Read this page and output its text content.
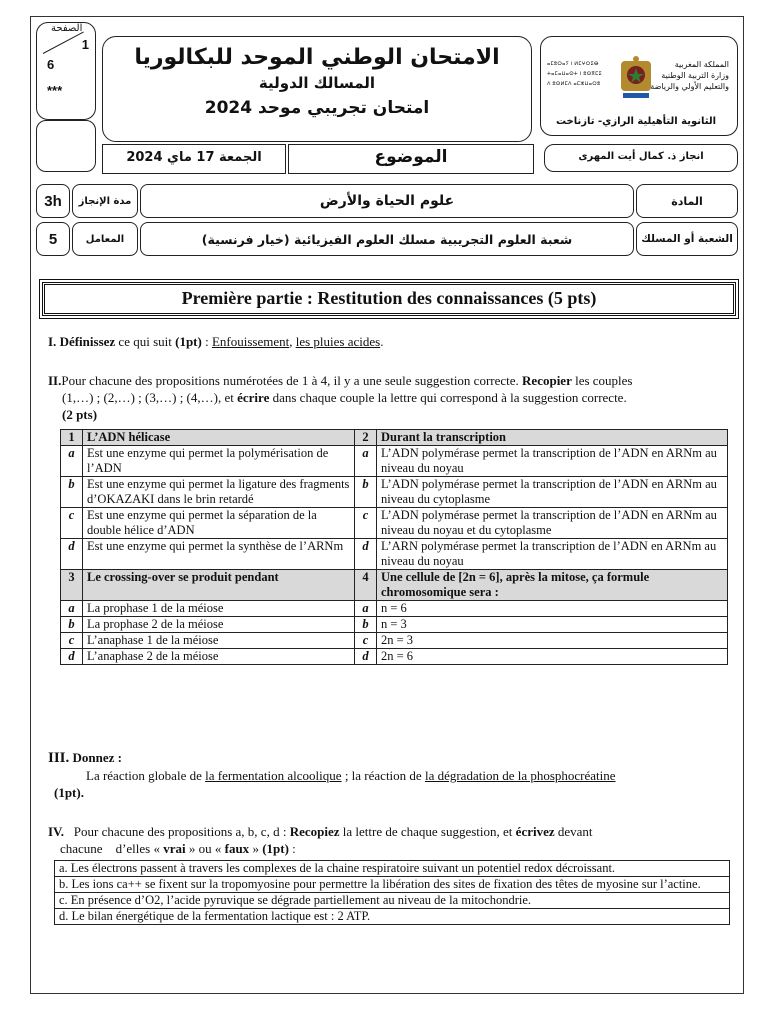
الصفحة
1
6
***
الامتحان الوطني الموحد للبكالوريا
المسالك الدولية
امتحان تجريبي موحد 2024
ⴰⵎⵓⵔⴰⵢ ⵏ ⵍⵎⵖⵔⵉⴱ
ⵜⴰⵎⴰⵡⴰⵙⵜ ⵏ ⵓⵙⴳⵎⵉ
ⴷ ⵓⵙⵍⵎⴷ ⴰⵎⵣⵡⴰⵔⵓ
المملكة المغربية
وزارة التربية الوطنية
والتعليم الأولي والرياضة
الثانوية التأهيلية الرازي- تازناخت
الجمعة 17 ماي 2024	الموضوع	انجاز ذ. كمال أيت المهرى
3h	مدة الإنجاز	علوم الحياة والأرض	المادة
5	المعامل	شعبة العلوم التجريبية مسلك العلوم الفيزيائية (خيار فرنسية)	الشعبة أو المسلك
Première partie : Restitution des connaissances (5 pts)
I. Définissez ce qui suit (1pt) : Enfouissement, les pluies acides.
II.Pour chacune des propositions numérotées de 1 à 4, il y a une seule suggestion correcte. Recopier les couples
(1,…) ; (2,…) ; (3,…) ; (4,…), et écrire dans chaque couple la lettre qui correspond à la suggestion correcte.
(2 pts)
1	L’ADN hélicase	2	Durant la transcription
a	Est une enzyme qui permet la polymérisation de l’ADN	a	L’ADN polymérase permet la transcription de l’ADN en ARNm au niveau du noyau
b	Est une enzyme qui permet la ligature des fragments d’OKAZAKI dans le brin retardé	b	L’ADN polymérase permet la transcription de l’ADN en ARNm au niveau du cytoplasme
c	Est une enzyme qui permet la séparation de la double hélice d’ADN	c	L’ADN polymérase permet la transcription de l’ADN en ARNm au niveau du noyau et du cytoplasme
d	Est une enzyme qui permet la synthèse de l’ARNm	d	L’ARN polymérase permet la transcription de l’ADN en ARNm au niveau du noyau
3	Le crossing-over se produit pendant	4	Une cellule de [2n = 6], après la mitose, ça formule chromosomique sera :
a	La prophase 1 de la méiose	a	n = 6
b	La prophase 2 de la méiose	b	n = 3
c	L’anaphase 1 de la méiose	c	2n = 3
d	L’anaphase 2 de la méiose	d	2n = 6
III. Donnez :
La réaction globale de la fermentation alcoolique ; la réaction de la dégradation de la phosphocréatine
(1pt).
IV. Pour chacune des propositions a, b, c, d : Recopiez la lettre de chaque suggestion, et écrivez devant
chacune    d’elles « vrai » ou « faux » (1pt) :
a. Les électrons passent à travers les complexes de la chaine respiratoire suivant un potentiel redox décroissant.
b. Les ions ca++ se fixent sur la tropomyosine pour permettre la libération des sites de fixation des têtes de myosine sur l’actine.
c. En présence d’O2, l’acide pyruvique se dégrade partiellement au niveau de la mitochondrie.
d. Le bilan énergétique de la fermentation lactique est : 2 ATP.
